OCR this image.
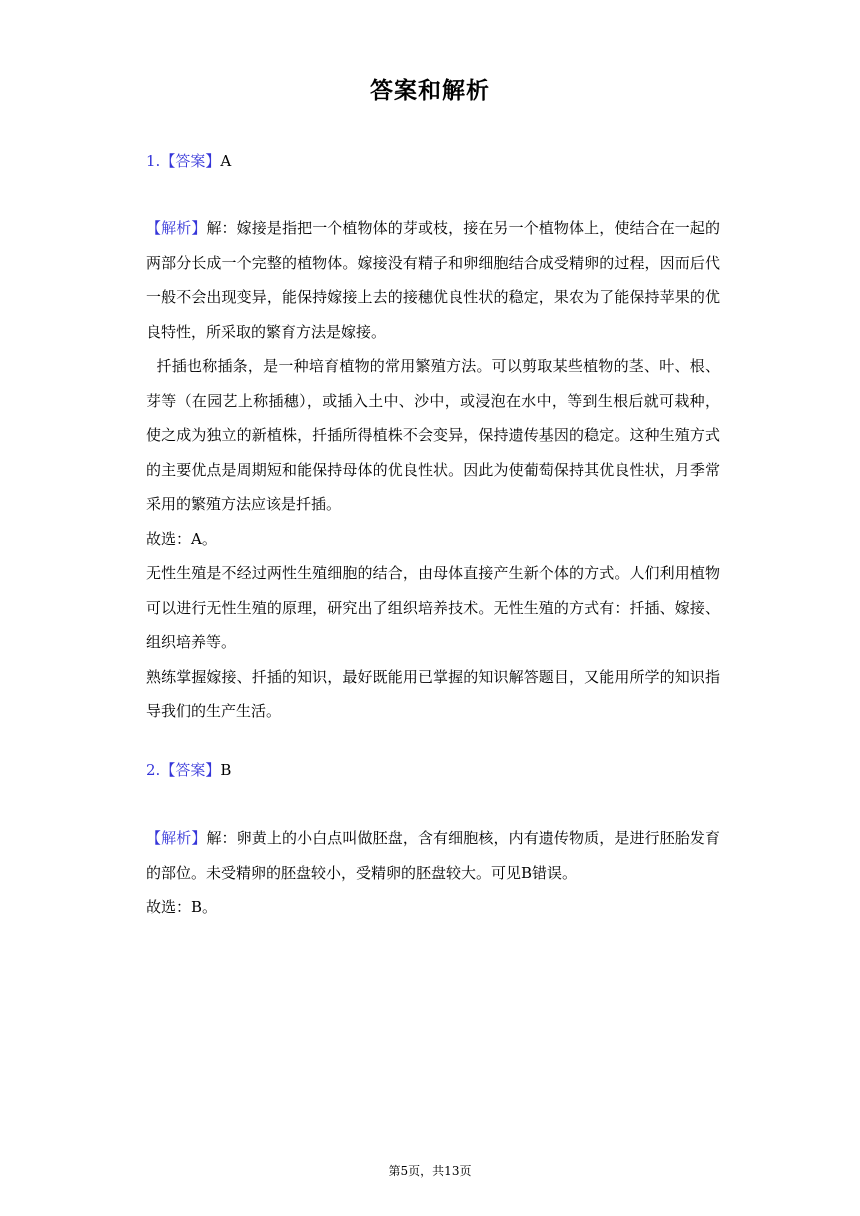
答案和解析
1.【答案】A

【解析】解：嫁接是指把一个植物体的芽或枝，接在另一个植物体上，使结合在一起的两部分长成一个完整的植物体。嫁接没有精子和卵细胞结合成受精卵的过程，因而后代一般不会出现变异，能保持嫁接上去的接穗优良性状的稳定，果农为了能保持苹果的优良特性，所采取的繁育方法是嫁接。

扦插也称插条，是一种培育植物的常用繁殖方法。可以剪取某些植物的茎、叶、根、芽等（在园艺上称插穗），或插入土中、沙中，或浸泡在水中，等到生根后就可栽种，使之成为独立的新植株，扦插所得植株不会变异，保持遗传基因的稳定。这种生殖方式的主要优点是周期短和能保持母体的优良性状。因此为使葡萄保持其优良性状，月季常采用的繁殖方法应该是扦插。

故选：A。

无性生殖是不经过两性生殖细胞的结合，由母体直接产生新个体的方式。人们利用植物可以进行无性生殖的原理，研究出了组织培养技术。无性生殖的方式有：扦插、嫁接、组织培养等。

熟练掌握嫁接、扦插的知识，最好既能用已掌握的知识解答题目，又能用所学的知识指导我们的生产生活。

2.【答案】B

【解析】解：卵黄上的小白点叫做胚盘，含有细胞核，内有遗传物质，是进行胚胎发育的部位。未受精卵的胚盘较小，受精卵的胚盘较大。可见B错误。

故选：B。

第5页，共13页
